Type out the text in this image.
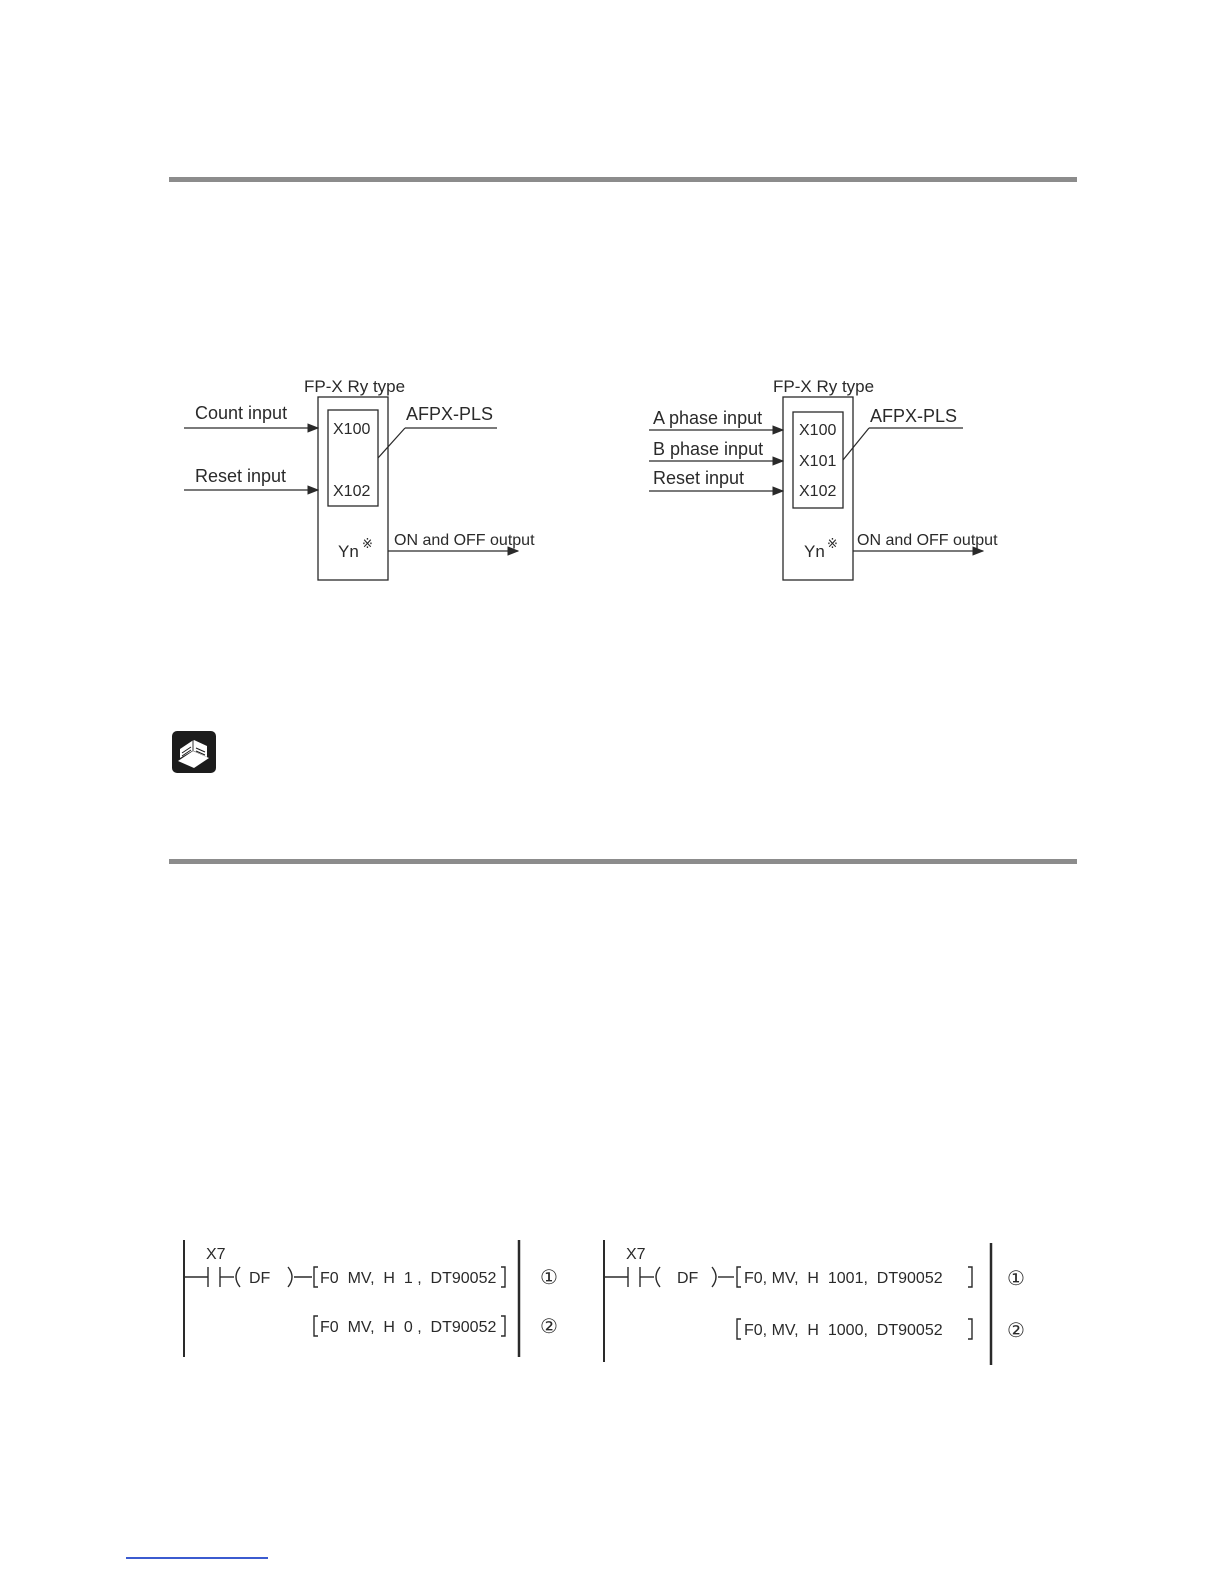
FP-X Ry type
X100
X102
Count input
Reset input
AFPX-PLS
Yn ※ ON and OFF output
FP-X Ry type
X100
X101
X102
A phase input
B phase input
Reset input
AFPX-PLS
Yn ※ ON and OFF output
X7
DF	F0  MV,  H  1 ,  DT90052
F0  MV,  H  0 ,  DT90052
①
②
X7
DF	F0, MV,  H  1001,  DT90052
F0, MV,  H  1000,  DT90052
①
②
